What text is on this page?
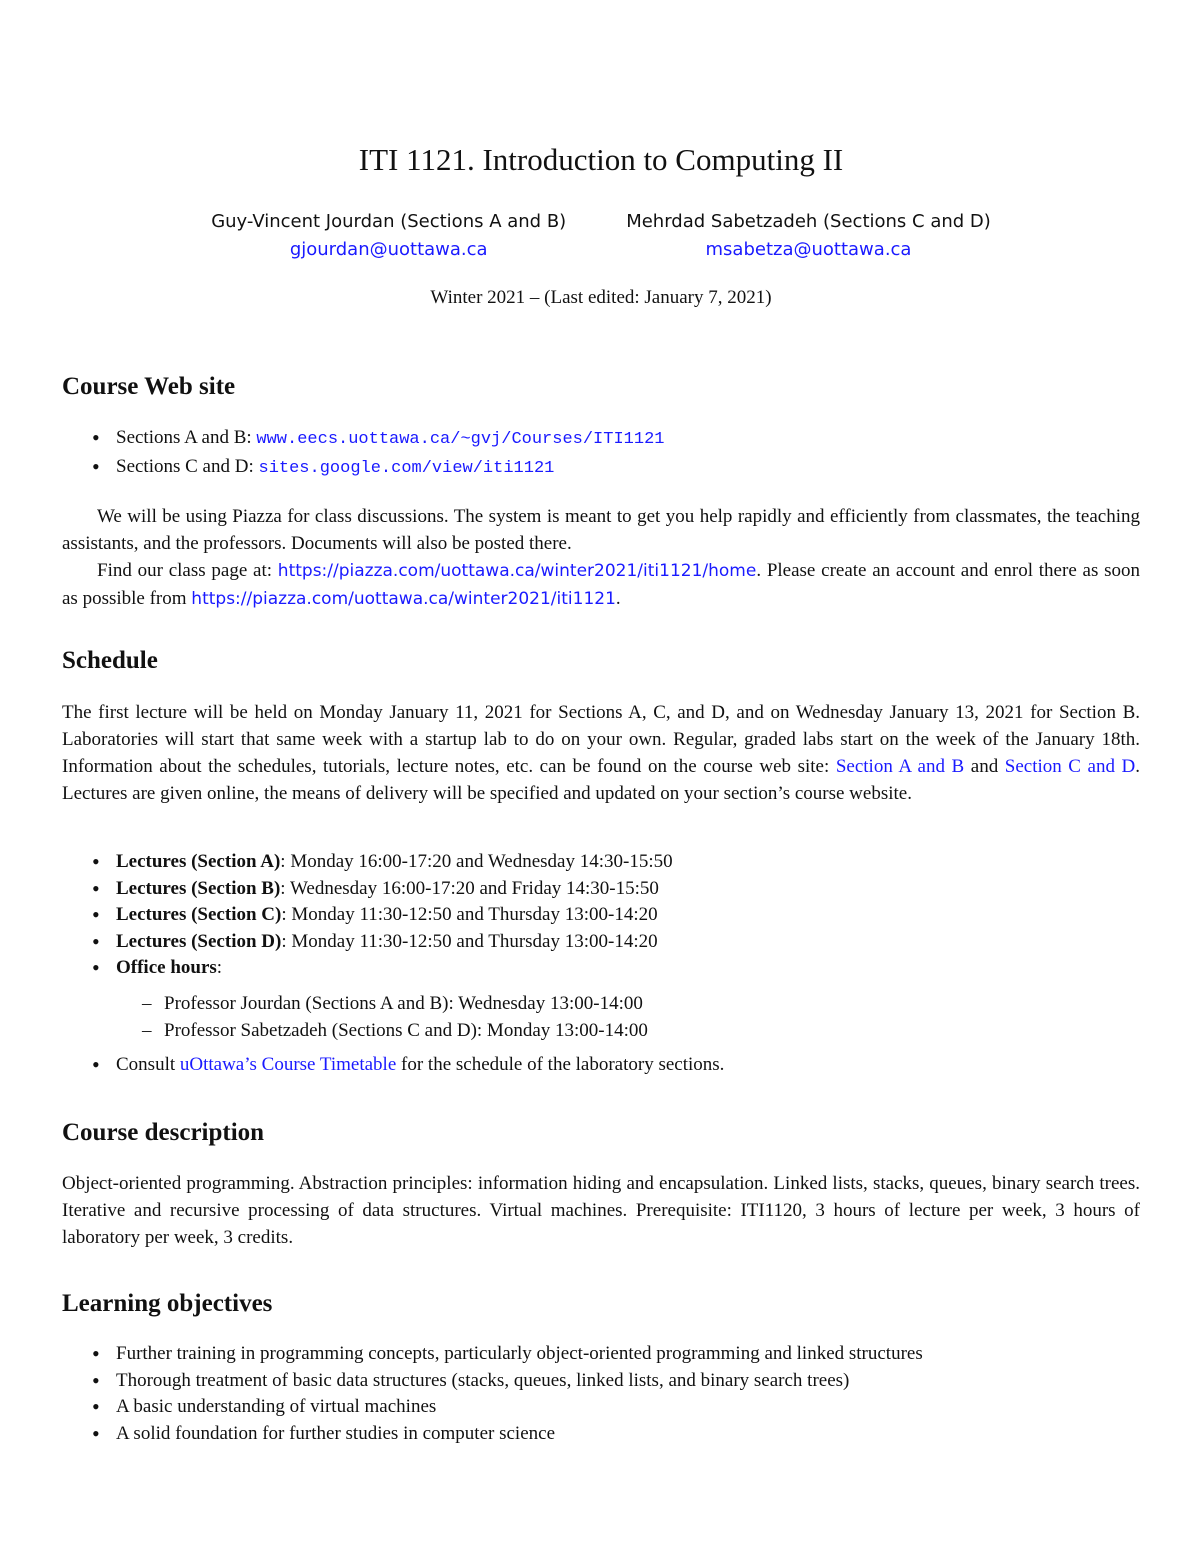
ITI 1121. Introduction to Computing II
Guy-Vincent Jourdan (Sections A and B)
gjourdan@uottawa.ca
Mehrdad Sabetzadeh (Sections C and D)
msabetza@uottawa.ca
Winter 2021 – (Last edited: January 7, 2021)
Course Web site
• Sections A and B: www.eecs.uottawa.ca/~gvj/Courses/ITI1121
• Sections C and D: sites.google.com/view/iti1121

We will be using Piazza for class discussions. The system is meant to get you help rapidly and efficiently from classmates, the teaching assistants, and the professors. Documents will also be posted there.

Find our class page at: https://piazza.com/uottawa.ca/winter2021/iti1121/home. Please create an account and enrol there as soon as possible from https://piazza.com/uottawa.ca/winter2021/iti1121.

Schedule

The first lecture will be held on Monday January 11, 2021 for Sections A, C, and D, and on Wednesday January 13, 2021 for Section B. Laboratories will start that same week with a startup lab to do on your own. Regular, graded labs start on the week of the January 18th. Information about the schedules, tutorials, lecture notes, etc. can be found on the course web site: Section A and B and Section C and D. Lectures are given online, the means of delivery will be specified and updated on your section’s course website.

• Lectures (Section A): Monday 16:00-17:20 and Wednesday 14:30-15:50
• Lectures (Section B): Wednesday 16:00-17:20 and Friday 14:30-15:50
• Lectures (Section C): Monday 11:30-12:50 and Thursday 13:00-14:20
• Lectures (Section D): Monday 11:30-12:50 and Thursday 13:00-14:20
• Office hours:
– Professor Jourdan (Sections A and B): Wednesday 13:00-14:00
– Professor Sabetzadeh (Sections C and D): Monday 13:00-14:00
• Consult uOttawa’s Course Timetable for the schedule of the laboratory sections.
Course description

Object-oriented programming. Abstraction principles: information hiding and encapsulation. Linked lists, stacks, queues, binary search trees. Iterative and recursive processing of data structures. Virtual machines. Prerequisite: ITI1120, 3 hours of lecture per week, 3 hours of laboratory per week, 3 credits.

Learning objectives
• Further training in programming concepts, particularly object-oriented programming and linked structures
• Thorough treatment of basic data structures (stacks, queues, linked lists, and binary search trees)
• A basic understanding of virtual machines
• A solid foundation for further studies in computer science
